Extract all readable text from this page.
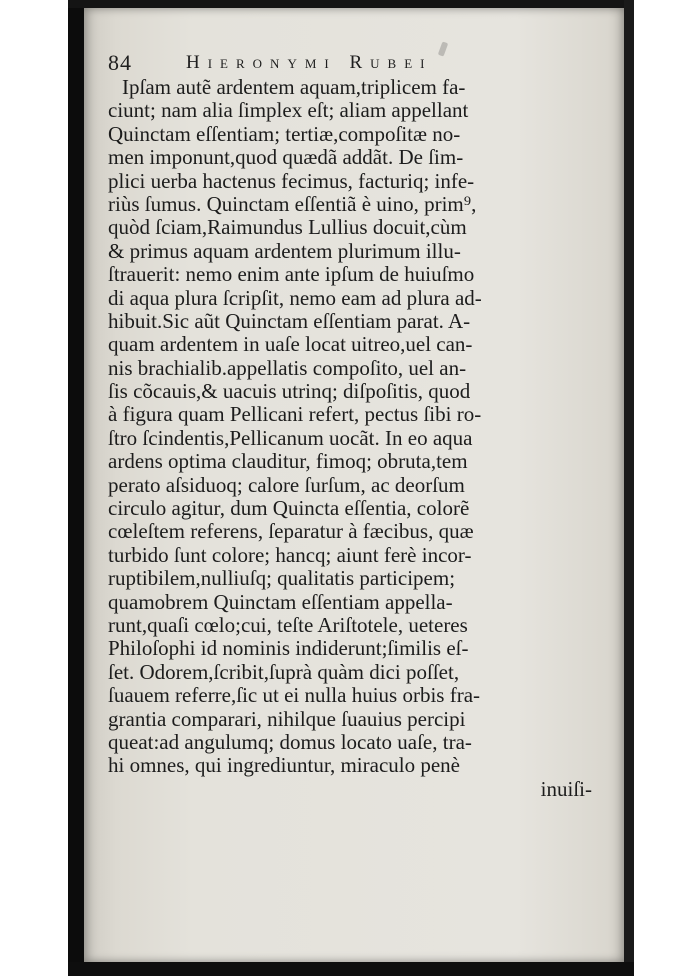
84	Hieronymi Rubei
Ipſam autẽ ardentem aquam,triplicem fa-
ciunt; nam alia ſimplex eſt; aliam appellant
Quinctam eſſentiam; tertiæ,compoſitæ no-
men imponunt,quod quædã addãt. De ſim-
plici uerba hactenus fecimus, facturiq; infe-
riùs ſumus. Quinctam eſſentiã è uino, prim⁹,
quòd ſciam,Raimundus Lullius docuit,cùm
& primus aquam ardentem plurimum illu-
ſtrauerit: nemo enim ante ipſum de huiuſmo
di aqua plura ſcripſit, nemo eam ad plura ad-
hibuit.Sic aũt Quinctam eſſentiam parat. A-
quam ardentem in uaſe locat uitreo,uel can-
nis brachialib.appellatis compoſito, uel an-
ſis cõcauis,& uacuis utrinq; diſpoſitis, quod
à figura quam Pellicani refert, pectus ſibi ro-
ſtro ſcindentis,Pellicanum uocãt. In eo aqua
ardens optima clauditur, fimoq; obruta,tem
perato aſsiduoq; calore ſurſum, ac deorſum
circulo agitur, dum Quincta eſſentia, colorẽ
cœleſtem referens, ſeparatur à fæcibus, quæ
turbido ſunt colore; hancq; aiunt ferè incor-
ruptibilem,nulliuſq; qualitatis participem;
quamobrem Quinctam eſſentiam appella-
runt,quaſi cœlo;cui, teſte Ariſtotele, ueteres
Philoſophi id nominis indiderunt;ſimilis eſ-
ſet. Odorem,ſcribit,ſuprà quàm dici poſſet,
ſuauem referre,ſic ut ei nulla huius orbis fra-
grantia comparari, nihilque ſuauius percipi
queat:ad angulumq; domus locato uaſe, tra-
hi omnes, qui ingrediuntur, miraculo penè
inuiſi-
